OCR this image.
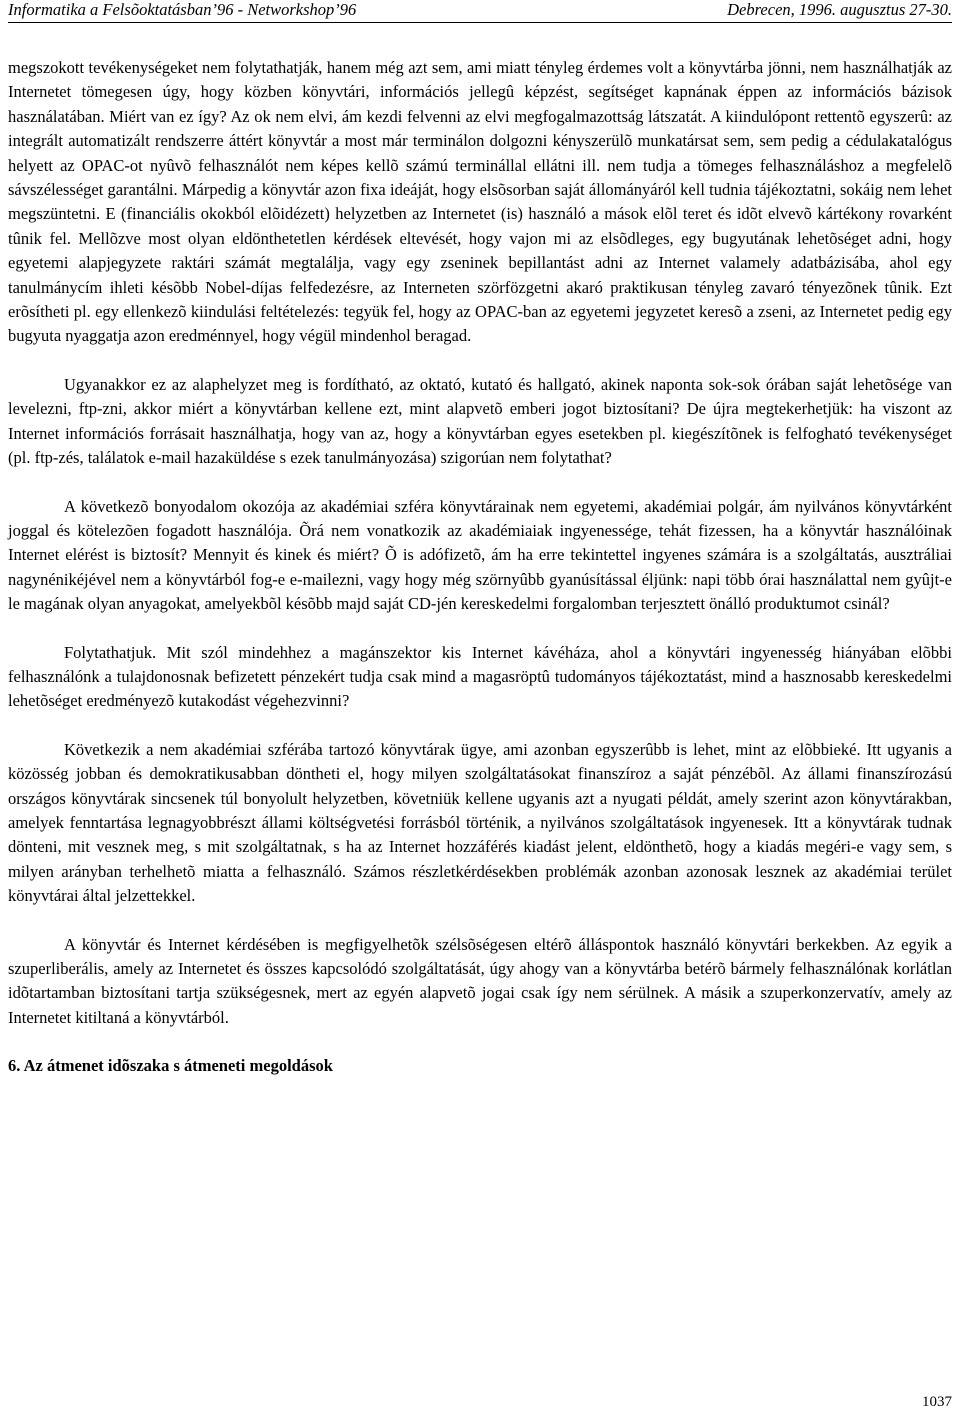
Informatika a Felsõoktatásban’96 - Networkshop’96	Debrecen, 1996. augusztus 27-30.

megszokott tevékenységeket nem folytathatják, hanem még azt sem, ami miatt tényleg érdemes volt a könyvtárba jönni, nem használhatják az Internetet tömegesen úgy, hogy közben könyvtári, információs jellegû képzést, segítséget kapnának éppen az információs bázisok használatában. Miért van ez így? Az ok nem elvi, ám kezdi felvenni az elvi megfogalmazottság látszatát. A kiindulópont rettentõ egyszerû: az integrált automatizált rendszerre áttért könyvtár a most már terminálon dolgozni kényszerülõ munkatársat sem, sem pedig a cédulakatalógus helyett az OPAC-ot nyûvõ felhasználót nem képes kellõ számú terminállal ellátni ill. nem tudja a tömeges felhasználáshoz a megfelelõ sávszélességet garantálni. Márpedig a könyvtár azon fixa ideáját, hogy elsõsorban saját állományáról kell tudnia tájékoztatni, sokáig nem lehet megszüntetni. E (financiális okokból elõidézett) helyzetben az Internetet (is) használó a mások elõl teret és idõt elvevõ kártékony rovarként tûnik fel. Mellõzve most olyan eldönthetetlen kérdések eltevését, hogy vajon mi az elsõdleges, egy bugyutának lehetõséget adni, hogy egyetemi alapjegyzete raktári számát megtalálja, vagy egy zseninek bepillantást adni az Internet valamely adatbázisába, ahol egy tanulmánycím ihleti késõbb Nobel-díjas felfedezésre, az Interneten szörfözgetni akaró praktikusan tényleg zavaró tényezõnek tûnik. Ezt erõsítheti pl. egy ellenkezõ kiindulási feltételezés: tegyük fel, hogy az OPAC-ban az egyetemi jegyzetet keresõ a zseni, az Internetet pedig egy bugyuta nyaggatja azon eredménnyel, hogy végül mindenhol beragad.

Ugyanakkor ez az alaphelyzet meg is fordítható, az oktató, kutató és hallgató, akinek naponta sok-sok órában saját lehetõsége van levelezni, ftp-zni, akkor miért a könyvtárban kellene ezt, mint alapvetõ emberi jogot biztosítani? De újra megtekerhetjük: ha viszont az Internet információs forrásait használhatja, hogy van az, hogy a könyvtárban egyes esetekben pl. kiegészítõnek is felfogható tevékenységet (pl. ftp-zés, találatok e-mail hazaküldése s ezek tanulmányozása) szigorúan nem folytathat?

A következõ bonyodalom okozója az akadémiai szféra könyvtárainak nem egyetemi, akadémiai polgár, ám nyilvános könyvtárként joggal és kötelezõen fogadott használója. Õrá nem vonatkozik az akadémiaiak ingyenessége, tehát fizessen, ha a könyvtár használóinak Internet elérést is biztosít? Mennyit és kinek és miért? Õ is adófizetõ, ám ha erre tekintettel ingyenes számára is a szolgáltatás, ausztráliai nagynénikéjével nem a könyvtárból fog-e e-mailezni, vagy hogy még szörnyûbb gyanúsítással éljünk: napi több órai használattal nem gyûjt-e le magának olyan anyagokat, amelyekbõl késõbb majd saját CD-jén kereskedelmi forgalomban terjesztett önálló produktumot csinál?

Folytathatjuk. Mit szól mindehhez a magánszektor kis Internet kávéháza, ahol a könyvtári ingyenesség hiányában elõbbi felhasználónk a tulajdonosnak befizetett pénzekért tudja csak mind a magasröptû tudományos tájékoztatást, mind a hasznosabb kereskedelmi lehetõséget eredményezõ kutakodást végehezvinni?

Következik a nem akadémiai szférába tartozó könyvtárak ügye, ami azonban egyszerûbb is lehet, mint az elõbbieké. Itt ugyanis a közösség jobban és demokratikusabban döntheti el, hogy milyen szolgáltatásokat finanszíroz a saját pénzébõl. Az állami finanszírozású országos könyvtárak sincsenek túl bonyolult helyzetben, követniük kellene ugyanis azt a nyugati példát, amely szerint azon könyvtárakban, amelyek fenntartása legnagyobbrészt állami költségvetési forrásból történik, a nyilvános szolgáltatások ingyenesek. Itt a könyvtárak tudnak dönteni, mit vesznek meg, s mit szolgáltatnak, s ha az Internet hozzáférés kiadást jelent, eldönthetõ, hogy a kiadás megéri-e vagy sem, s milyen arányban terhelhetõ miatta a felhasználó. Számos részletkérdésekben problémák azonban azonosak lesznek az akadémiai terület könyvtárai által jelzettekkel.

A könyvtár és Internet kérdésében is megfigyelhetõk szélsõségesen eltérõ álláspontok használó könyvtári berkekben. Az egyik a szuperliberális, amely az Internetet és összes kapcsolódó szolgáltatását, úgy ahogy van a könyvtárba betérõ bármely felhasználónak korlátlan idõtartamban biztosítani tartja szükségesnek, mert az egyén alapvetõ jogai csak így nem sérülnek. A másik a szuperkonzervatív, amely az Internetet kitiltaná a könyvtárból.

6. Az átmenet idõszaka s átmeneti megoldások
1037
